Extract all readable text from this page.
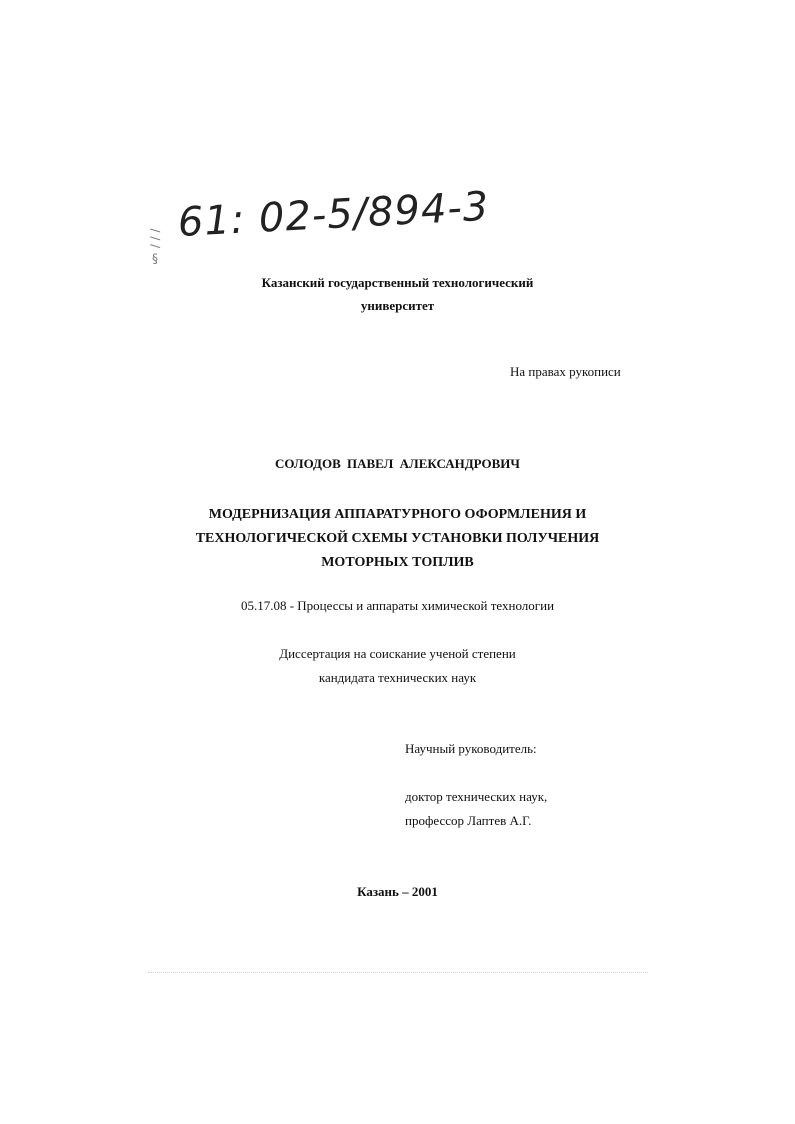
§ ∕ ∕ ∕
61: 02-5/894-3
Казанский государственный технологический
университет
На правах рукописи
СОЛОДОВ ПАВЕЛ АЛЕКСАНДРОВИЧ
МОДЕРНИЗАЦИЯ АППАРАТУРНОГО ОФОРМЛЕНИЯ И
ТЕХНОЛОГИЧЕСКОЙ СХЕМЫ УСТАНОВКИ ПОЛУЧЕНИЯ
МОТОРНЫХ ТОПЛИВ
05.17.08 - Процессы и аппараты химической технологии
Диссертация на соискание ученой степени
кандидата технических наук
Научный руководитель:
доктор технических наук,
профессор Лаптев А.Г.
Казань – 2001
